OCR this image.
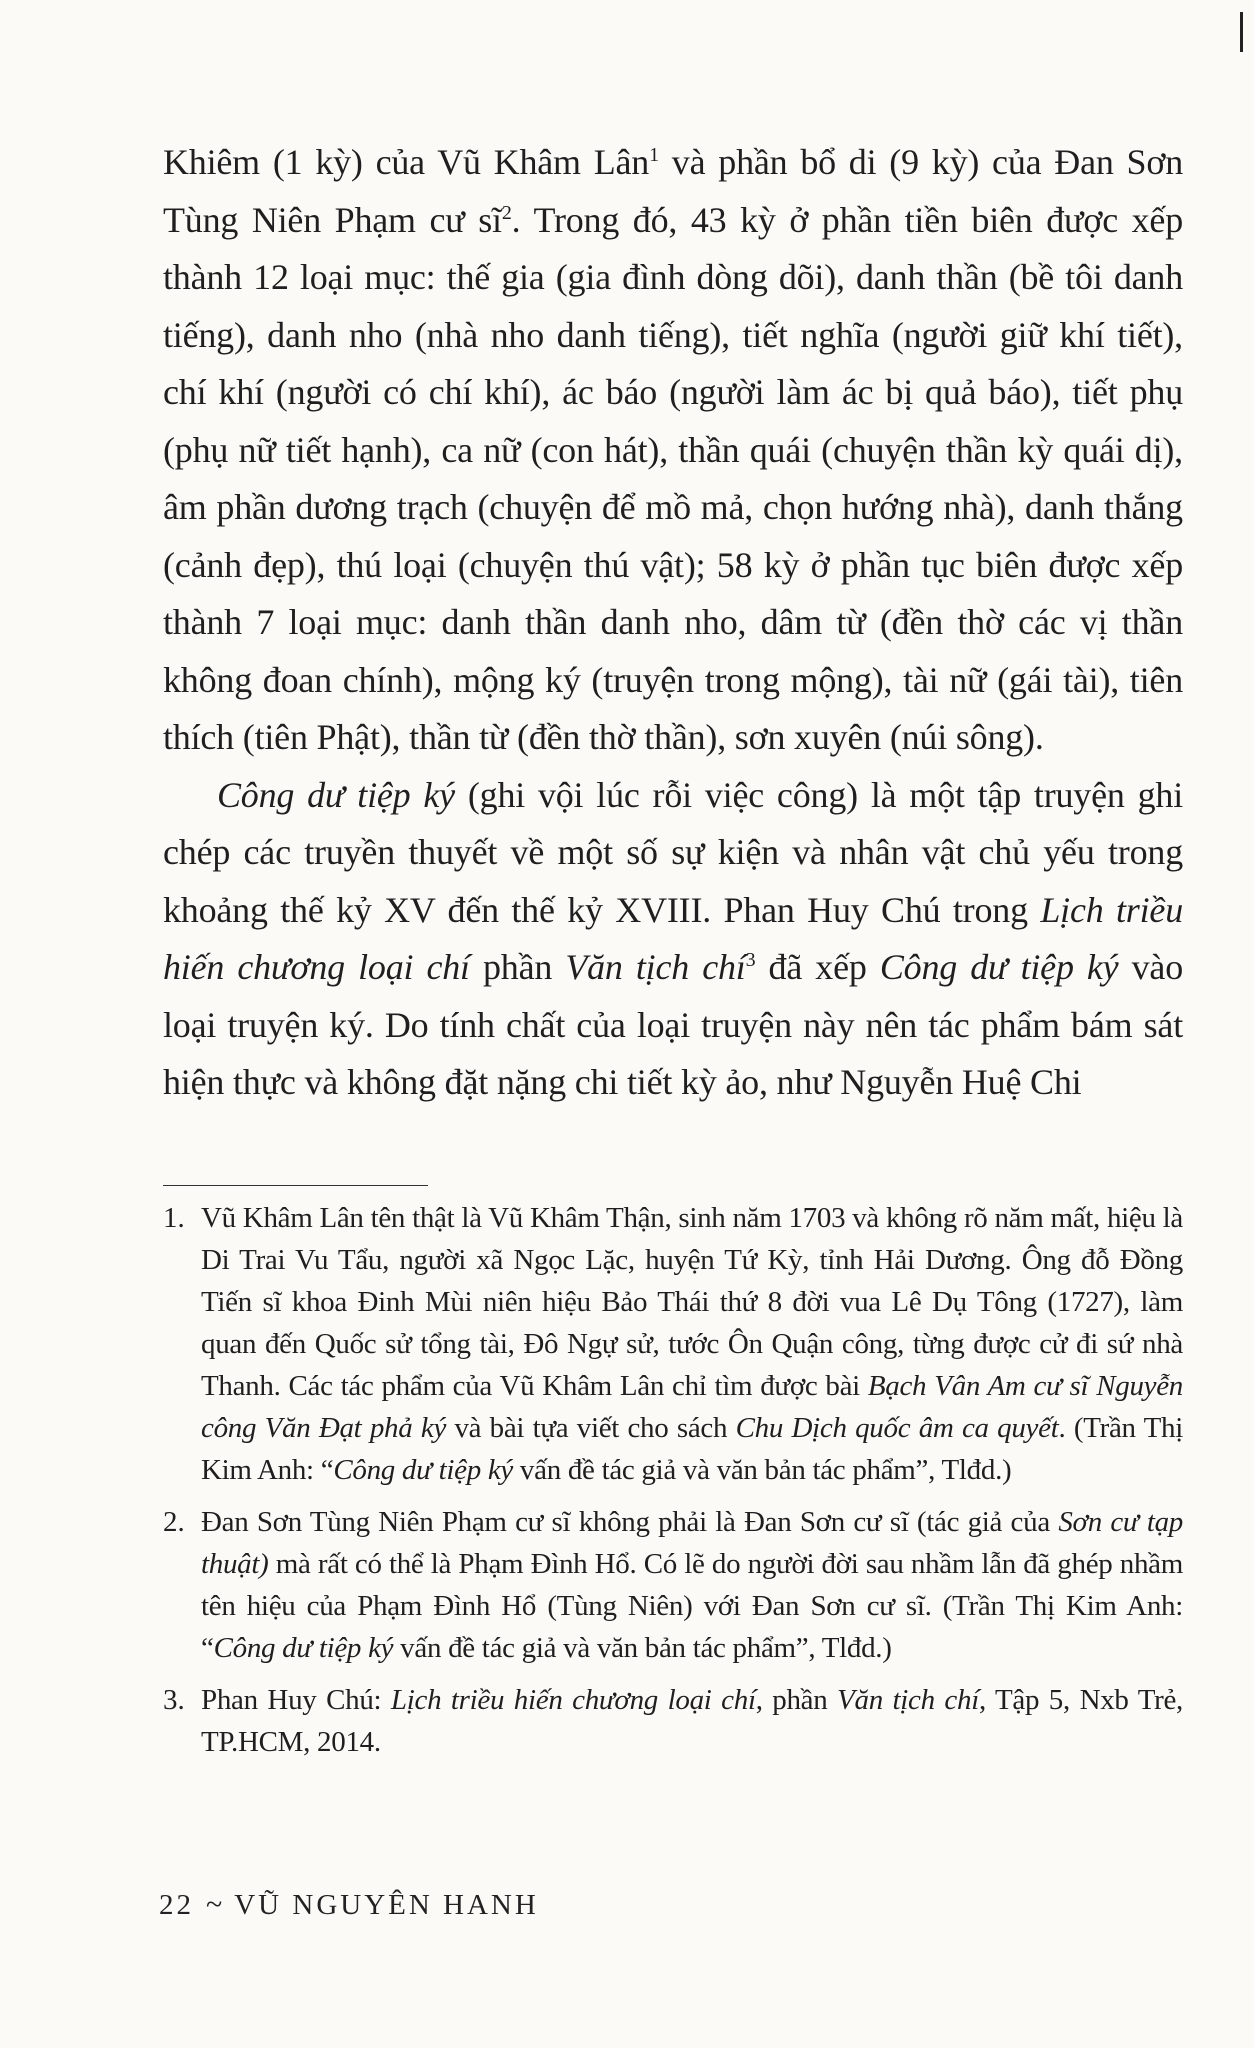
Khiêm (1 kỳ) của Vũ Khâm Lân$^1$ và phần bổ di (9 kỳ) của Đan Sơn Tùng Niên Phạm cư $sĩ^2$. Trong đó, 43 kỳ ở phần tiền biên được xếp thành 12 loại mục: thế gia (gia đình dòng dõi), danh thần (bề tôi danh tiếng), danh nho (nhà nho danh tiếng), tiết nghĩa (người giữ khí tiết), chí khí (người có chí khí), ác báo (người làm ác bị quả báo), tiết phụ (phụ nữ tiết hạnh), ca nữ (con hát), thần quái (chuyện thần kỳ quái dị), âm phần dương trạch (chuyện để mồ mả, chọn hướng nhà), danh thắng (cảnh đẹp), thú loại (chuyện thú vật); 58 kỳ ở phần tục biên được xếp thành 7 loại mục: danh thần danh nho, dâm từ (đền thờ các vị thần không đoan chính), mộng ký (truyện trong mộng), tài nữ (gái tài), tiên thích (tiên Phật), thần từ (đền thờ thần), sơn xuyên (núi sông).

Công dư tiệp ký (ghi vội lúc rỗi việc công) là một tập truyện ghi chép các truyền thuyết về một số sự kiện và nhân vật chủ yếu trong khoảng thế kỷ XV đến thế kỷ XVIII. Phan Huy Chú trong Lịch triều hiến chương loại chí phần Văn tịch chí$^3$ đã xếp Công dư tiệp ký vào loại truyện ký. Do tính chất của loại truyện này nên tác phẩm bám sát hiện thực và không đặt nặng chi tiết kỳ ảo, như Nguyễn Huệ Chi

1. Vũ Khâm Lân tên thật là Vũ Khâm Thận, sinh năm 1703 và không rõ năm mất, hiệu là Di Trai Vu Tẩu, người xã Ngọc Lặc, huyện Tứ Kỳ, tỉnh Hải Dương. Ông đỗ Đồng Tiến sĩ khoa Đinh Mùi niên hiệu Bảo Thái thứ 8 đời vua Lê Dụ Tông (1727), làm quan đến Quốc sử tổng tài, Đô Ngự sử, tước Ôn Quận công, từng được cử đi sứ nhà Thanh. Các tác phẩm của Vũ Khâm Lân chỉ tìm được bài Bạch Vân Am cư sĩ Nguyễn công Văn Đạt phả ký và bài tựa viết cho sách Chu Dịch quốc âm ca quyết. (Trần Thị Kim Anh: “Công dư tiệp ký vấn đề tác giả và văn bản tác phẩm”, Tlđd.)
2. Đan Sơn Tùng Niên Phạm cư sĩ không phải là Đan Sơn cư sĩ (tác giả của Sơn cư tạp thuật) mà rất có thể là Phạm Đình Hổ. Có lẽ do người đời sau nhầm lẫn đã ghép nhầm tên hiệu của Phạm Đình Hổ (Tùng Niên) với Đan Sơn cư sĩ. (Trần Thị Kim Anh: “Công dư tiệp ký vấn đề tác giả và văn bản tác phẩm”, Tlđd.)
3. Phan Huy Chú: Lịch triều hiến chương loại chí, phần Văn tịch chí, Tập 5, Nxb Trẻ, TP.HCM, 2014.
22 ~ VŨ NGUYÊN HANH
